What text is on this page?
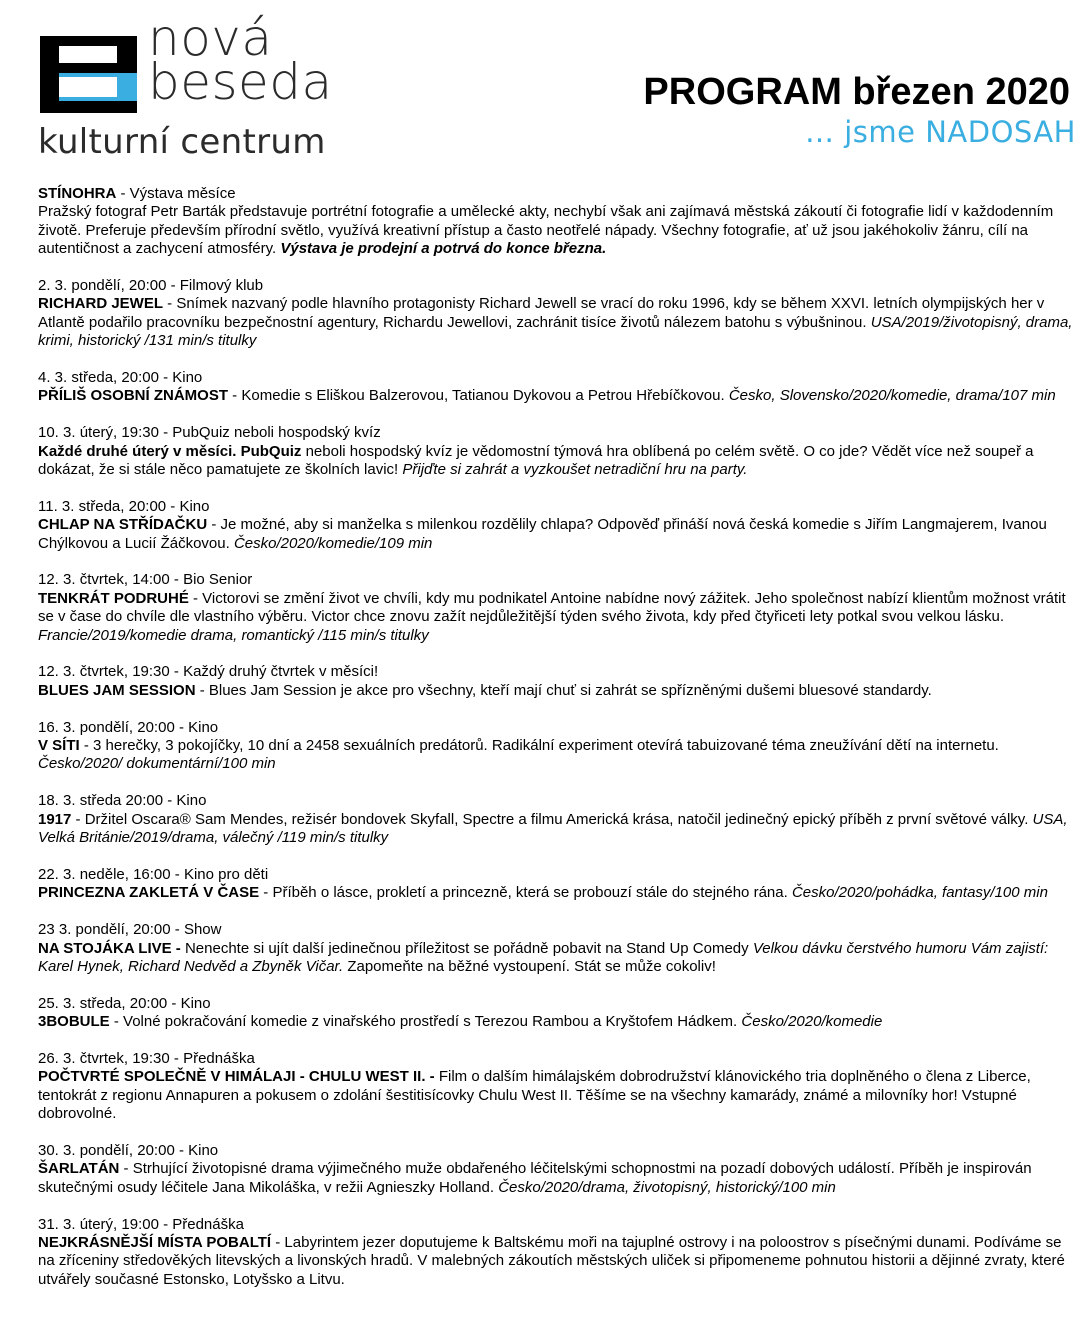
nová
beseda
kulturní centrum
PROGRAM březen 2020
… jsme NADOSAH

STÍNOHRA - Výstava měsíce

Pražský fotograf Petr Barták představuje portrétní fotografie a umělecké akty, nechybí však ani zajímavá městská zákoutí či fotografie lidí v každodenním životě. Preferuje především přírodní světlo, využívá kreativní přístup a často neotřelé nápady. Všechny fotografie, ať už jsou jakéhokoliv žánru, cílí na autentičnost a zachycení atmosféry. Výstava je prodejní a potrvá do konce března.

2. 3. pondělí, 20:00 - Filmový klub

RICHARD JEWEL - Snímek nazvaný podle hlavního protagonisty Richard Jewell se vrací do roku 1996, kdy se během XXVI. letních olympijských her v Atlantě podařilo pracovníku bezpečnostní agentury, Richardu Jewellovi, zachránit tisíce životů nálezem batohu s výbušninou. USA/2019/životopisný, drama, krimi, historický /131 min/s titulky

4. 3. středa, 20:00 - Kino

PŘÍLIŠ OSOBNÍ ZNÁMOST - Komedie s Eliškou Balzerovou, Tatianou Dykovou a Petrou Hřebíčkovou. Česko, Slovensko/2020/komedie, drama/107 min

10. 3. úterý, 19:30 - PubQuiz neboli hospodský kvíz

Každé druhé úterý v měsíci. PubQuiz neboli hospodský kvíz je vědomostní týmová hra oblíbená po celém světě. O co jde? Vědět více než soupeř a dokázat, že si stále něco pamatujete ze školních lavic! Přijďte si zahrát a vyzkoušet netradiční hru na party.

11. 3. středa, 20:00 - Kino

CHLAP NA STŘÍDAČKU - Je možné, aby si manželka s milenkou rozdělily chlapa? Odpověď přináší nová česká komedie s Jiřím Langmajerem, Ivanou Chýlkovou a Lucií Žáčkovou. Česko/2020/komedie/109 min

12. 3. čtvrtek, 14:00 - Bio Senior

TENKRÁT PODRUHÉ - Victorovi se změní život ve chvíli, kdy mu podnikatel Antoine nabídne nový zážitek. Jeho společnost nabízí klientům možnost vrátit se v čase do chvíle dle vlastního výběru. Victor chce znovu zažít nejdůležitější týden svého života, kdy před čtyřiceti lety potkal svou velkou lásku. Francie/2019/komedie drama, romantický /115 min/s titulky

12. 3. čtvrtek, 19:30 - Každý druhý čtvrtek v měsíci!

BLUES JAM SESSION - Blues Jam Session je akce pro všechny, kteří mají chuť si zahrát se spřízněnými dušemi bluesové standardy.

16. 3. pondělí, 20:00 - Kino

V SÍTI - 3 herečky, 3 pokojíčky, 10 dní a 2458 sexuálních predátorů. Radikální experiment otevírá tabuizované téma zneužívání dětí na internetu. Česko/2020/ dokumentární/100 min

18. 3. středa 20:00 - Kino

1917 - Držitel Oscara® Sam Mendes, režisér bondovek Skyfall, Spectre a filmu Americká krása, natočil jedinečný epický příběh z první světové války. USA, Velká Británie/2019/drama, válečný /119 min/s titulky

22. 3. neděle, 16:00 - Kino pro děti

PRINCEZNA ZAKLETÁ V ČASE - Příběh o lásce, prokletí a princezně, která se probouzí stále do stejného rána. Česko/2020/pohádka, fantasy/100 min

23 3. pondělí, 20:00 - Show

NA STOJÁKA LIVE - Nenechte si ujít další jedinečnou příležitost se pořádně pobavit na Stand Up Comedy Velkou dávku čerstvého humoru Vám zajistí: Karel Hynek, Richard Nedvěd a Zbyněk Vičar. Zapomeňte na běžné vystoupení. Stát se může cokoliv!

25. 3. středa, 20:00 - Kino

3BOBULE - Volné pokračování komedie z vinařského prostředí s Terezou Rambou a Kryštofem Hádkem. Česko/2020/komedie

26. 3. čtvrtek, 19:30 - Přednáška

POČTVRTÉ SPOLEČNĚ V HIMÁLAJI - CHULU WEST II. - Film o dalším himálajském dobrodružství klánovického tria doplněného o člena z Liberce, tentokrát z regionu Annapuren a pokusem o zdolání šestitisícovky Chulu West II. Těšíme se na všechny kamarády, známé a milovníky hor! Vstupné dobrovolné.

30. 3. pondělí, 20:00 - Kino

ŠARLATÁN - Strhující životopisné drama výjimečného muže obdařeného léčitelskými schopnostmi na pozadí dobových událostí. Příběh je inspirován skutečnými osudy léčitele Jana Mikoláška, v režii Agnieszky Holland. Česko/2020/drama, životopisný, historický/100 min

31. 3. úterý, 19:00 - Přednáška

NEJKRÁSNĚJŠÍ MÍSTA POBALTÍ - Labyrintem jezer doputujeme k Baltskému moři na tajuplné ostrovy i na poloostrov s písečnými dunami. Podíváme se na zříceniny středověkých litevských a livonských hradů. V malebných zákoutích městských uliček si připomeneme pohnutou historii a dějinné zvraty, které utvářely současné Estonsko, Lotyšsko a Litvu.
